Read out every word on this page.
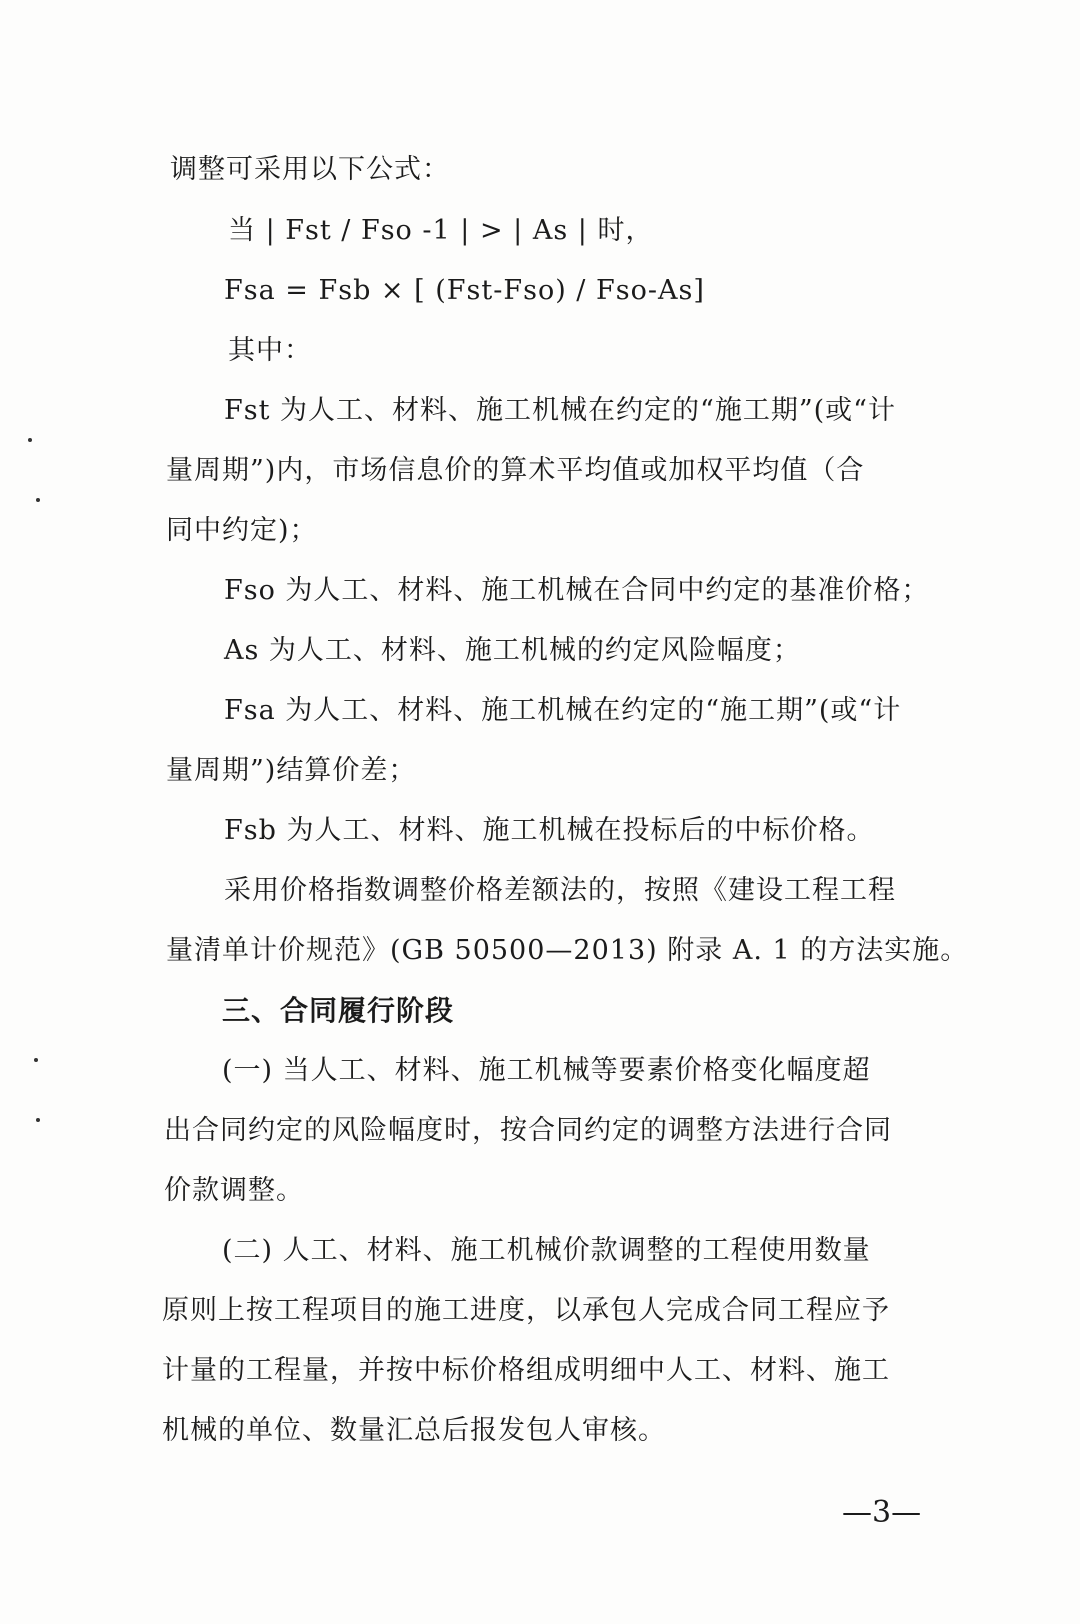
调整可采用以下公式：
当 | Fst / Fso -1 | > | As | 时，
Fsa = Fsb × [ (Fst-Fso) / Fso-As]
其中：
Fst 为人工、材料、施工机械在约定的“施工期”(或“计
量周期”)内，市场信息价的算术平均值或加权平均值（合
同中约定)；
Fso 为人工、材料、施工机械在合同中约定的基准价格；
As 为人工、材料、施工机械的约定风险幅度；
Fsa 为人工、材料、施工机械在约定的“施工期”(或“计
量周期”)结算价差；
Fsb 为人工、材料、施工机械在投标后的中标价格。
采用价格指数调整价格差额法的，按照《建设工程工程
量清单计价规范》(GB 50500—2013) 附录 A. 1 的方法实施。
三、合同履行阶段
(一) 当人工、材料、施工机械等要素价格变化幅度超
出合同约定的风险幅度时，按合同约定的调整方法进行合同
价款调整。
(二) 人工、材料、施工机械价款调整的工程使用数量
原则上按工程项目的施工进度，以承包人完成合同工程应予
计量的工程量，并按中标价格组成明细中人工、材料、施工
机械的单位、数量汇总后报发包人审核。
—3—
